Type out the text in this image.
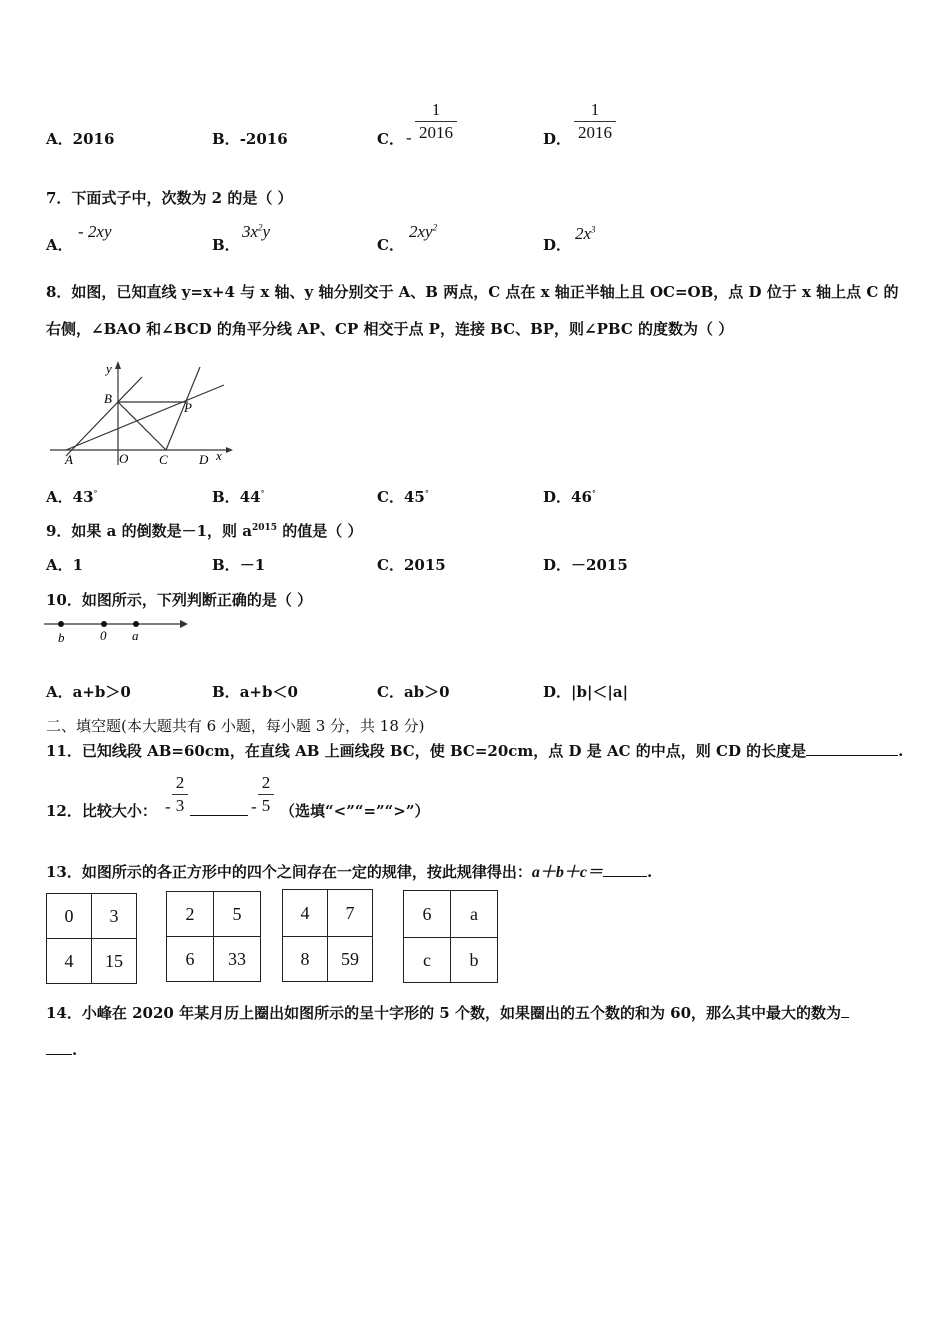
A．2016	B．-2016	C． -
1
2016	D．
1
2016
7．下面式子中，次数为 2 的是（ ）
A．
- 2xy
B．
$3x^2y$
C．
$2xy^2$
D．
$2x^3$
8．如图，已知直线 y=x+4 与 x 轴、y 轴分别交于 A、B 两点，C 点在 x 轴正半轴上且 OC=OB，点 D 位于 x 轴上点 C 的
右侧，∠BAO 和∠BCD 的角平分线 AP、CP 相交于点 P，连接 BC、BP，则∠PBC 的度数为（ ）
y
B
P
A	O C D x
A．43°	B．44°	C．45°	D．46°
9．如果 a 的倒数是－1，则 $a^{2015}$ 的值是（ ）
A．1	B．－1	C．2015	D．－2015
10．如图所示，下列判断正确的是（ ）
b	0 a
A．a+b＞0	B．a+b＜0	C．ab＞0	D．|b|＜|a|
二、填空题(本大题共有 6 小题，每小题 3 分，共 18 分)
11．已知线段 AB=60cm，在直线 AB 上画线段 BC，使 BC=20cm，点 D 是 AC 的中点，则 CD 的长度是	.
12．比较大小： -
2
3	-
2
5 （选填“<”“=”“>”）
13．如图所示的各正方形中的四个之间存在一定的规律，按此规律得出：a＋b＋c＝	.
0	3
4	15
2	5
6	33
4	7
8	59
6	a
c	b
14．小峰在 2020 年某月历上圈出如图所示的呈十字形的 5 个数，如果圈出的五个数的和为 60，那么其中最大的数为
.
